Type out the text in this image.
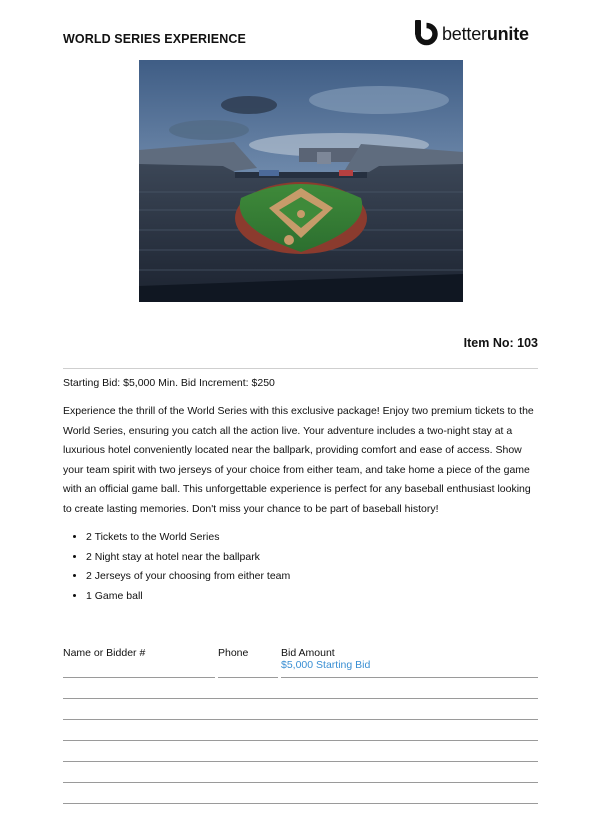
WORLD SERIES EXPERIENCE	betterunite
Item No: 103
Starting Bid: $5,000 Min. Bid Increment: $250

Experience the thrill of the World Series with this exclusive package! Enjoy two premium tickets to the World Series, ensuring you catch all the action live. Your adventure includes a two-night stay at a luxurious hotel conveniently located near the ballpark, providing comfort and ease of access. Show your team spirit with two jerseys of your choice from either team, and take home a piece of the game with an official game ball. This unforgettable experience is perfect for any baseball enthusiast looking to create lasting memories. Don't miss your chance to be part of baseball history!

• 2 Tickets to the World Series
• 2 Night stay at hotel near the ballpark
• 2 Jerseys of your choosing from either team
• 1 Game ball
Name or Bidder #	Phone	Bid Amount
$5,000 Starting Bid
